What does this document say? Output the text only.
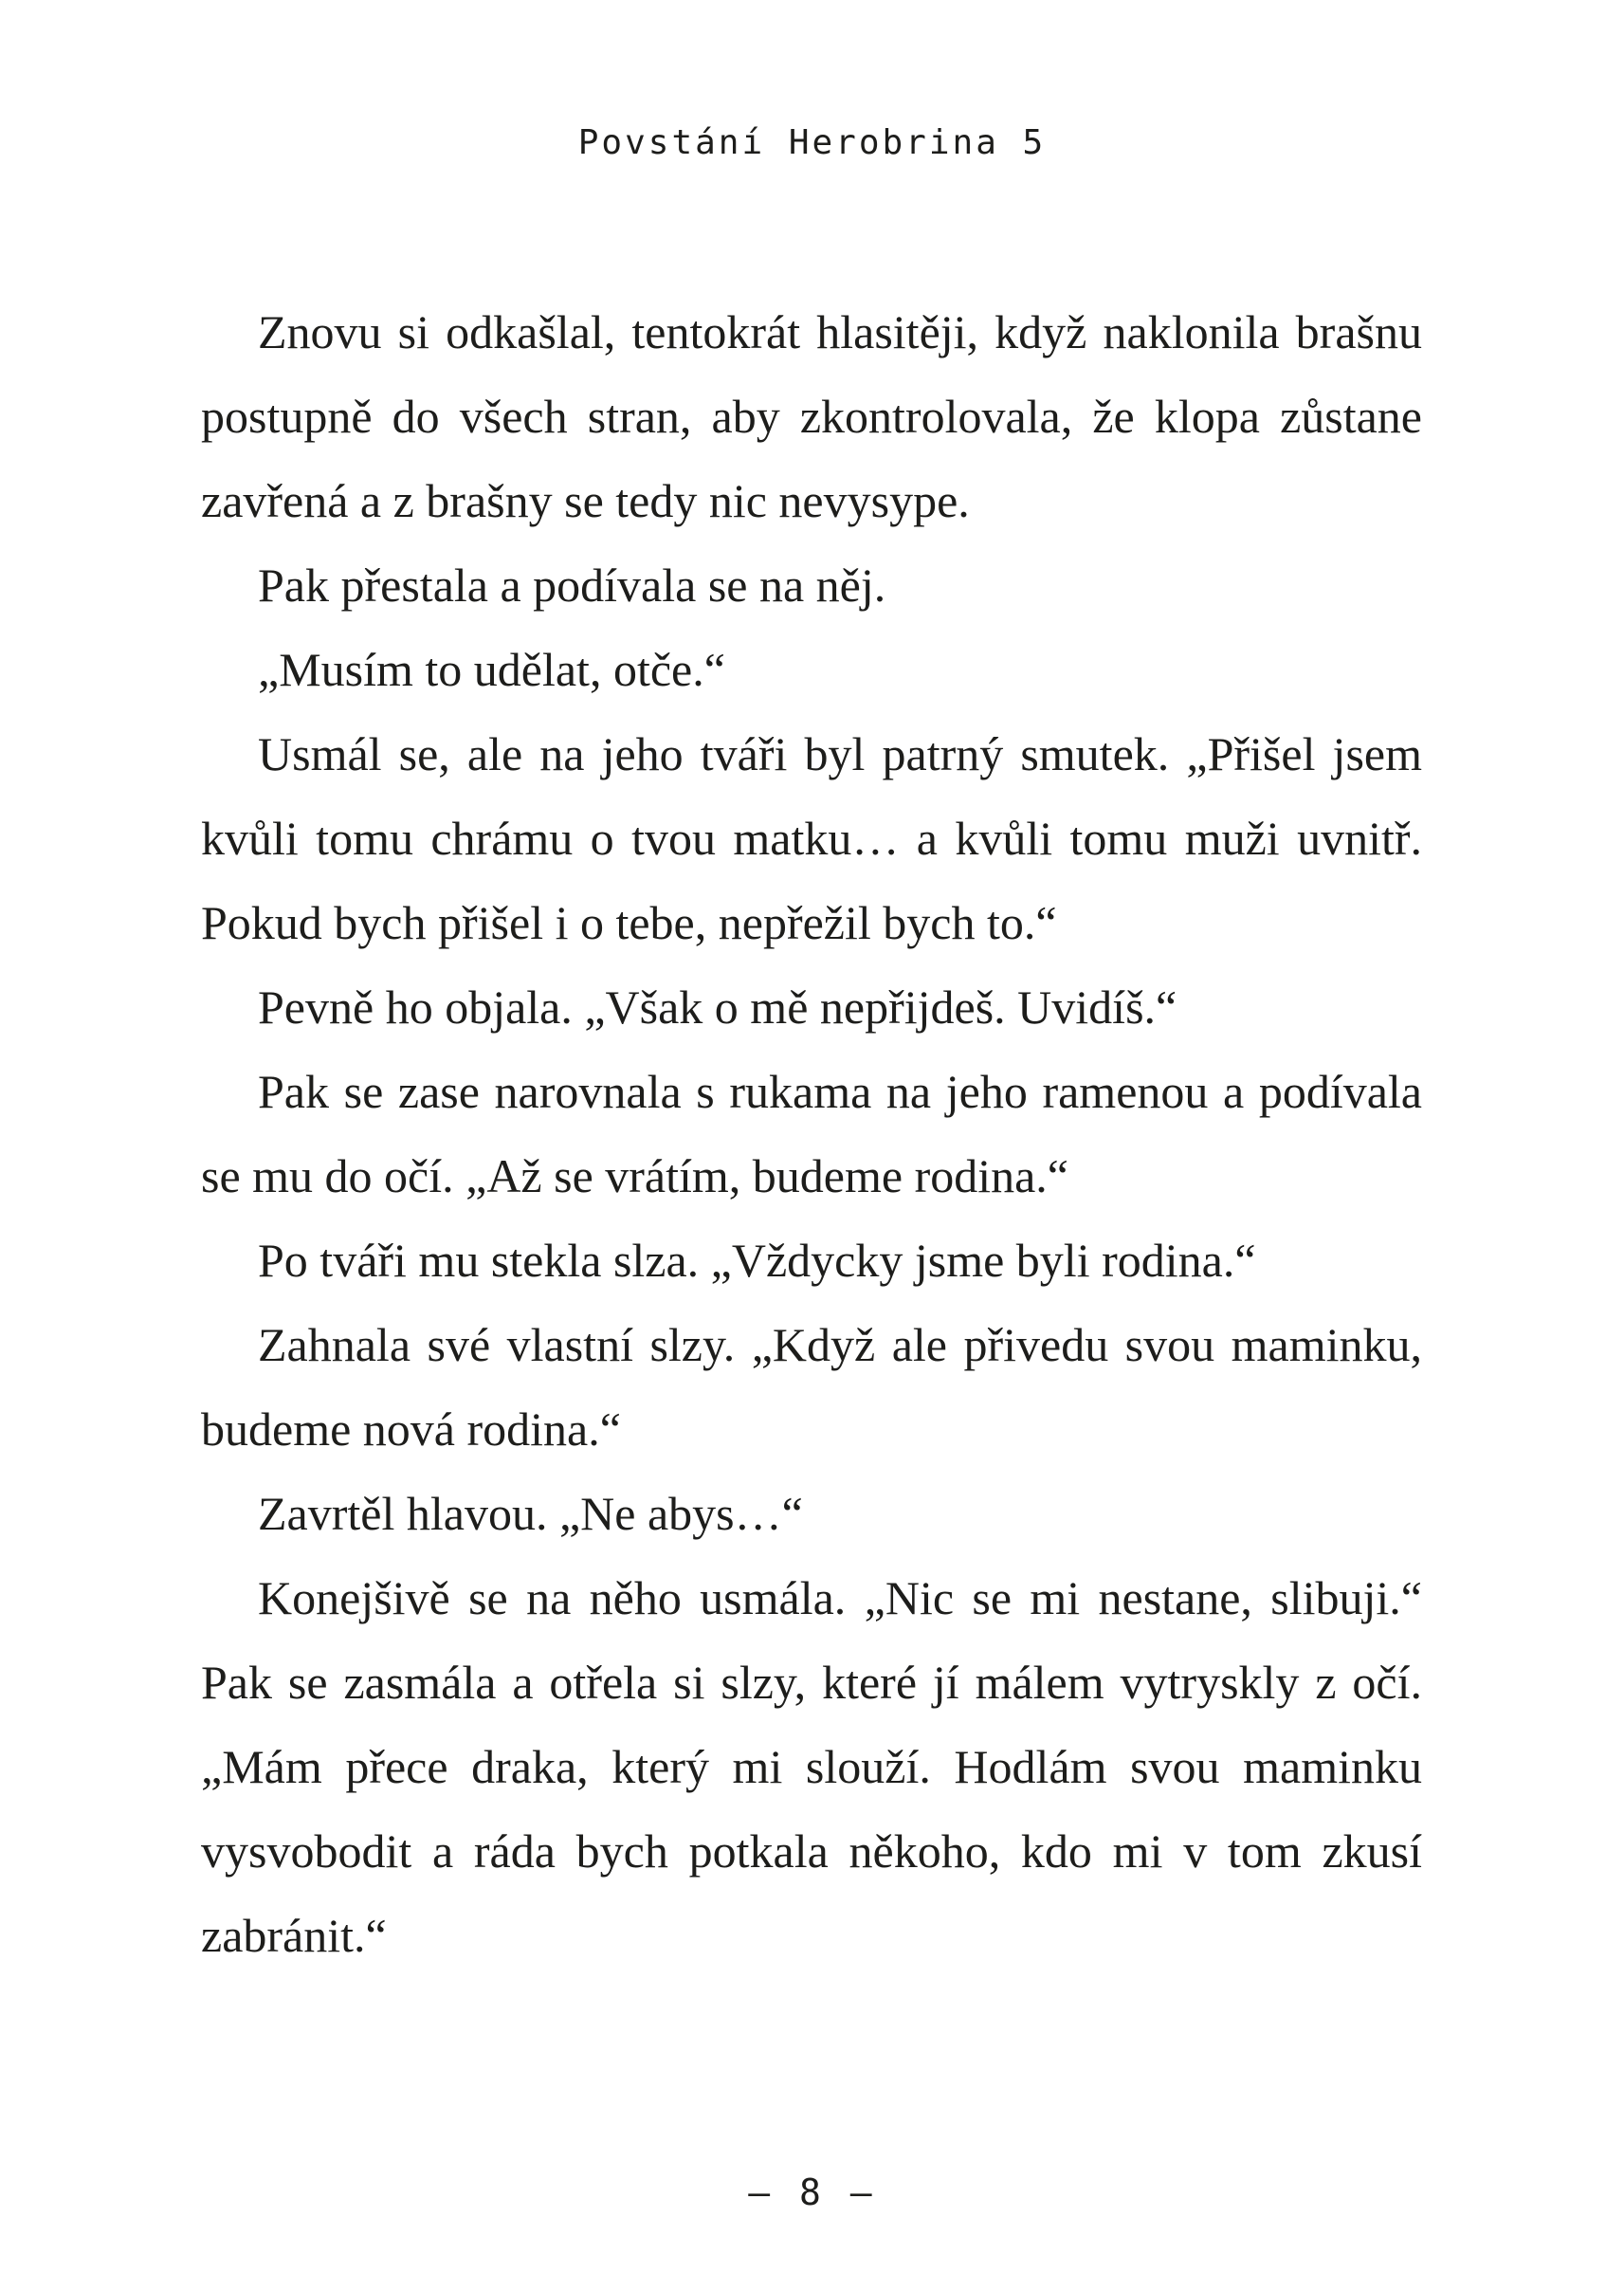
Povstání Herobrina 5

Znovu si odkašlal, tentokrát hlasitěji, když naklonila brašnu postupně do všech stran, aby zkontrolovala, že klopa zůstane zavřená a z brašny se tedy nic nevysype.

Pak přestala a podívala se na něj.

„Musím to udělat, otče.“

Usmál se, ale na jeho tváři byl patrný smutek. „Přišel jsem kvůli tomu chrámu o tvou matku… a kvůli tomu muži uvnitř. Pokud bych přišel i o tebe, nepřežil bych to.“

Pevně ho objala. „Však o mě nepřijdeš. Uvidíš.“

Pak se zase narovnala s rukama na jeho ramenou a podívala se mu do očí. „Až se vrátím, budeme rodina.“

Po tváři mu stekla slza. „Vždycky jsme byli rodina.“

Zahnala své vlastní slzy. „Když ale přivedu svou maminku, budeme nová rodina.“

Zavrtěl hlavou. „Ne abys…“

Konejšivě se na něho usmála. „Nic se mi nestane, slibuji.“ Pak se zasmála a otřela si slzy, které jí málem vytryskly z očí. „Mám přece draka, který mi slouží. Hodlám svou maminku vysvobodit a ráda bych potkala někoho, kdo mi v tom zkusí zabránit.“

– 8 –
